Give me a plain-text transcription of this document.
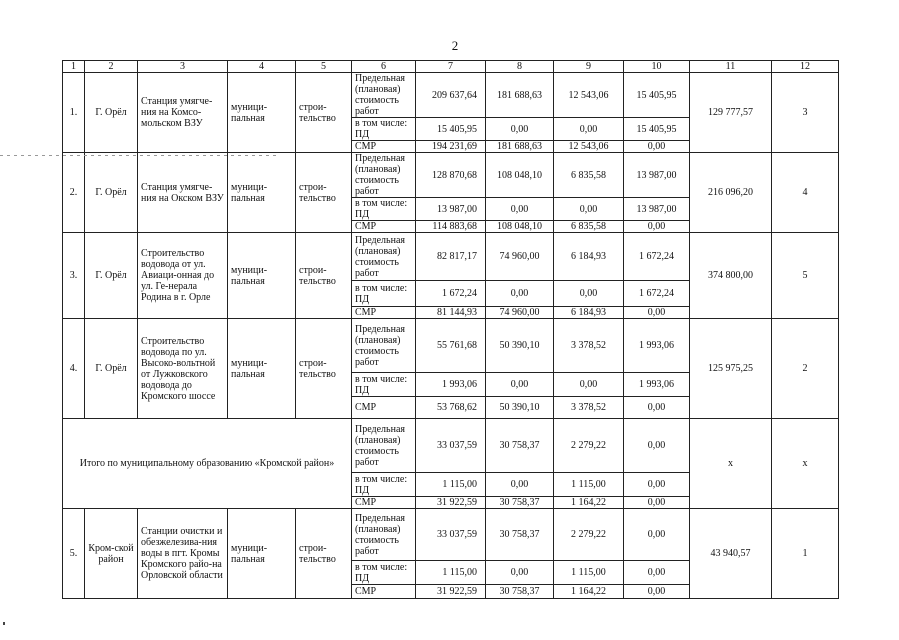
2
1	2	3	4	5	6	7	8	9	10	11	12
1.	Г. Орёл	Станция умягче-ния на Комсо-мольском ВЗУ	муници-пальная	строи-тельство	Предельная (плановая) стоимость работ	209 637,64	181 688,63	12 543,06	15 405,95	129 777,57	3
					в том числе: ПД	15 405,95	0,00	0,00	15 405,95		
					СМР	194 231,69	181 688,63	12 543,06	0,00		
2.	Г. Орёл	Станция умягче-ния на Окском ВЗУ	муници-пальная	строи-тельство	Предельная (плановая) стоимость работ	128 870,68	108 048,10	6 835,58	13 987,00	216 096,20	4
					в том числе: ПД	13 987,00	0,00	0,00	13 987,00		
					СМР	114 883,68	108 048,10	6 835,58	0,00		
3.	Г. Орёл	Строительство водовода от ул. Авиаци-онная до ул. Ге-нерала Родина в г. Орле	муници-пальная	строи-тельство	Предельная (плановая) стоимость работ	82 817,17	74 960,00	6 184,93	1 672,24	374 800,00	5
					в том числе: ПД	1 672,24	0,00	0,00	1 672,24		
					СМР	81 144,93	74 960,00	6 184,93	0,00		
4.	Г. Орёл	Строительство водовода по ул. Высоко-вольтной от Лужковского водовода до Кромского шоссе	муници-пальная	строи-тельство	Предельная (плановая) стоимость работ	55 761,68	50 390,10	3 378,52	1 993,06	125 975,25	2
					в том числе: ПД	1 993,06	0,00	0,00	1 993,06		
					СМР	53 768,62	50 390,10	3 378,52	0,00		
Итого по муниципальному образованию «Кромской район»					Предельная (плановая) стоимость работ	33 037,59	30 758,37	2 279,22	0,00	x	x
					в том числе: ПД	1 115,00	0,00	1 115,00	0,00		
					СМР	31 922,59	30 758,37	1 164,22	0,00		
5.	Кром-ской район	Станции очистки и обезжелезива-ния воды в пгт. Кромы Кромского райо-на Орловской области	муници-пальная	строи-тельство	Предельная (плановая) стоимость работ	33 037,59	30 758,37	2 279,22	0,00	43 940,57	1
					в том числе: ПД	1 115,00	0,00	1 115,00	0,00		
					СМР	31 922,59	30 758,37	1 164,22	0,00		
